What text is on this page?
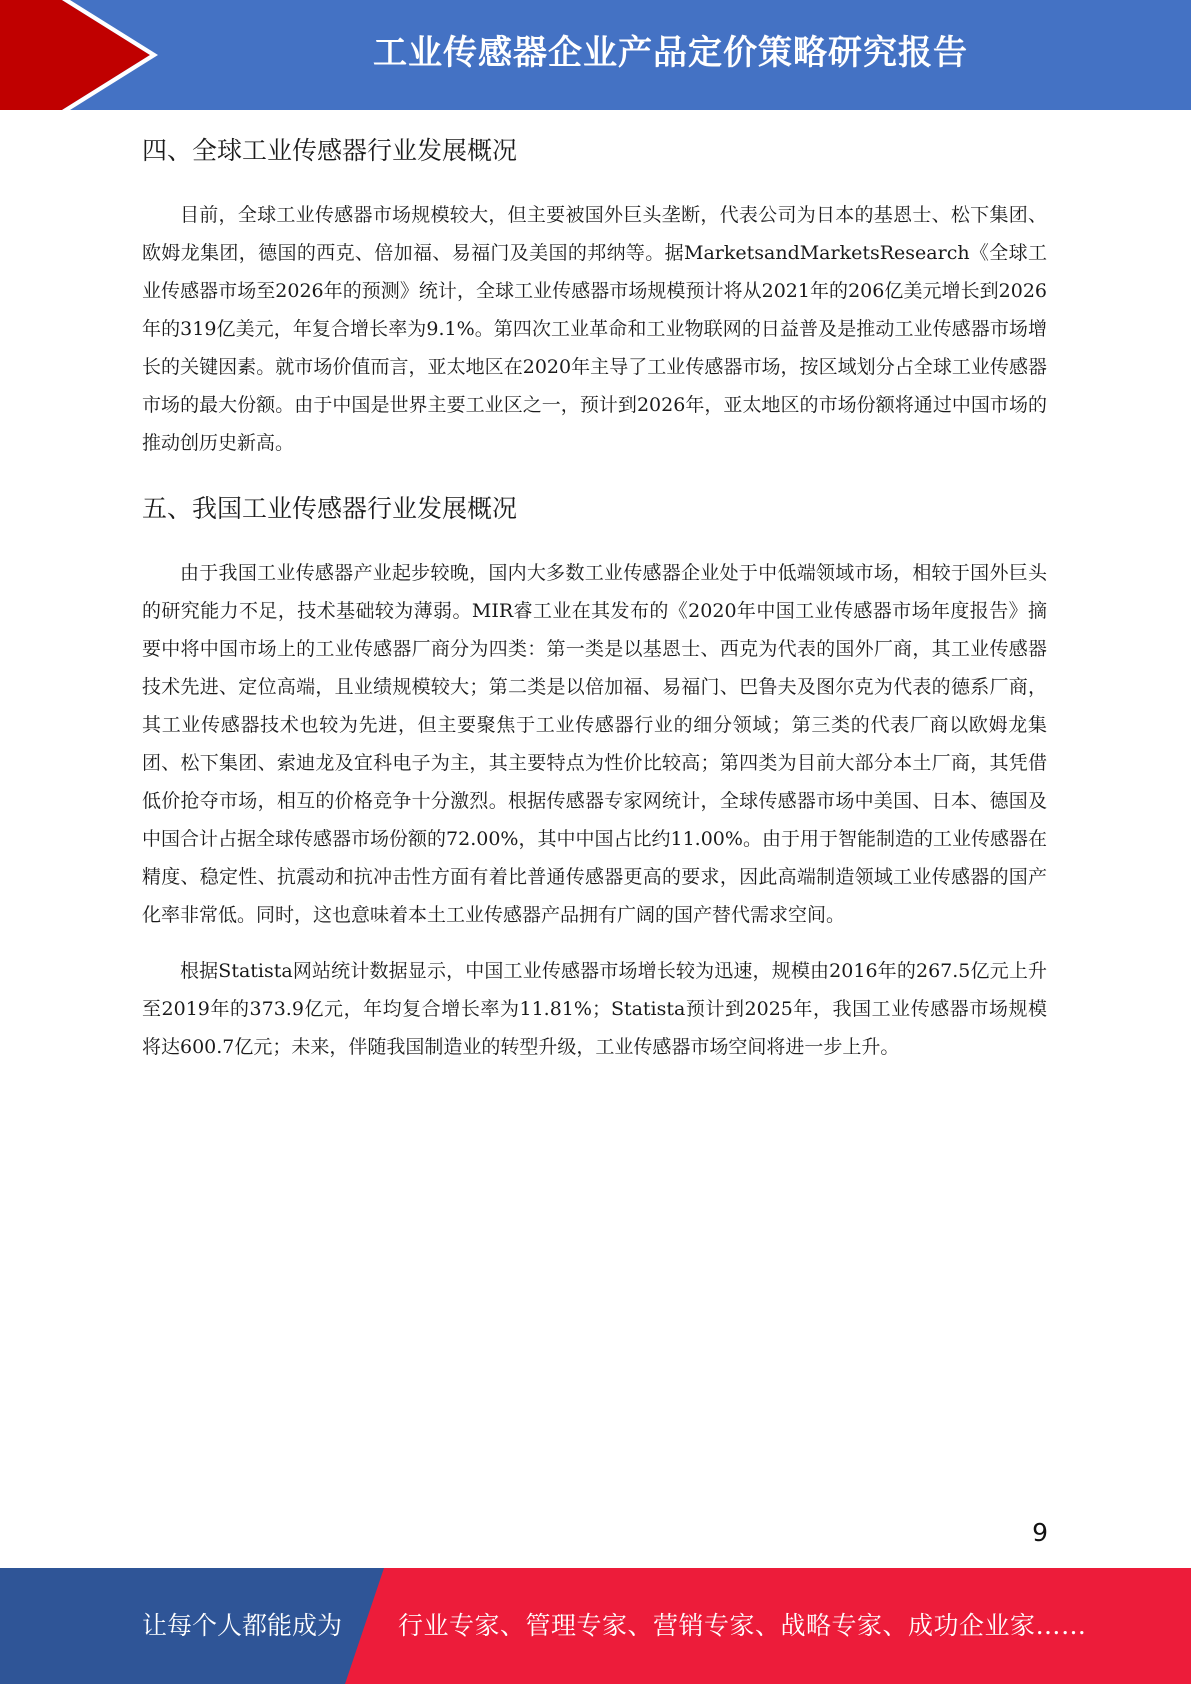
工业传感器企业产品定价策略研究报告
四、全球工业传感器行业发展概况

目前，全球工业传感器市场规模较大，但主要被国外巨头垄断，代表公司为日本的基恩士、松下集团、欧姆龙集团，德国的西克、倍加福、易福门及美国的邦纳等。据MarketsandMarketsResearch《全球工业传感器市场至2026年的预测》统计，全球工业传感器市场规模预计将从2021年的206亿美元增长到2026年的319亿美元，年复合增长率为9.1%。第四次工业革命和工业物联网的日益普及是推动工业传感器市场增长的关键因素。就市场价值而言，亚太地区在2020年主导了工业传感器市场，按区域划分占全球工业传感器市场的最大份额。由于中国是世界主要工业区之一，预计到2026年，亚太地区的市场份额将通过中国市场的推动创历史新高。

五、我国工业传感器行业发展概况

由于我国工业传感器产业起步较晚，国内大多数工业传感器企业处于中低端领域市场，相较于国外巨头的研究能力不足，技术基础较为薄弱。MIR睿工业在其发布的《2020年中国工业传感器市场年度报告》摘要中将中国市场上的工业传感器厂商分为四类：第一类是以基恩士、西克为代表的国外厂商，其工业传感器技术先进、定位高端，且业绩规模较大；第二类是以倍加福、易福门、巴鲁夫及图尔克为代表的德系厂商，其工业传感器技术也较为先进，但主要聚焦于工业传感器行业的细分领域；第三类的代表厂商以欧姆龙集团、松下集团、索迪龙及宜科电子为主，其主要特点为性价比较高；第四类为目前大部分本土厂商，其凭借低价抢夺市场，相互的价格竞争十分激烈。根据传感器专家网统计，全球传感器市场中美国、日本、德国及中国合计占据全球传感器市场份额的72.00%，其中中国占比约11.00%。由于用于智能制造的工业传感器在精度、稳定性、抗震动和抗冲击性方面有着比普通传感器更高的要求，因此高端制造领域工业传感器的国产化率非常低。同时，这也意味着本土工业传感器产品拥有广阔的国产替代需求空间。

根据Statista网站统计数据显示，中国工业传感器市场增长较为迅速，规模由2016年的267.5亿元上升至2019年的373.9亿元，年均复合增长率为11.81%；Statista预计到2025年，我国工业传感器市场规模将达600.7亿元；未来，伴随我国制造业的转型升级，工业传感器市场空间将进一步上升。

9
让每个人都能成为 行业专家、管理专家、营销专家、战略专家、成功企业家……
